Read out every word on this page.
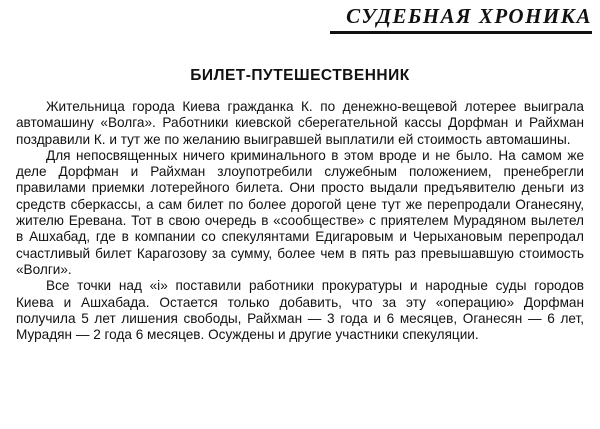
СУДЕБНАЯ ХРОНИКА
БИЛЕТ-ПУТЕШЕСТВЕННИК

Жительница города Киева гражданка К. по денежно-вещевой лотерее выиграла автомашину «Волга». Работники киевской сберегательной кассы Дорфман и Райхман поздравили К. и тут же по желанию выигравшей выплатили ей стоимость автомашины.

Для непосвященных ничего криминального в этом вроде и не было. На самом же деле Дорфман и Райхман злоупотребили служебным положением, пренебрегли правилами приемки лотерейного билета. Они просто выдали предъявителю деньги из средств сберкассы, а сам билет по более дорогой цене тут же перепродали Оганесяну, жителю Еревана. Тот в свою очередь в «сообществе» с приятелем Мурадяном вылетел в Ашхабад, где в компании со спекулянтами Едигаровым и Черыхановым перепродал счастливый билет Карагозову за сумму, более чем в пять раз превышавшую стоимость «Волги».

Все точки над «i» поставили работники прокуратуры и народные суды городов Киева и Ашхабада. Остается только добавить, что за эту «операцию» Дорфман получила 5 лет лишения свободы, Райхман — 3 года и 6 месяцев, Оганесян — 6 лет, Мурадян — 2 года 6 месяцев. Осуждены и другие участники спекуляции.
